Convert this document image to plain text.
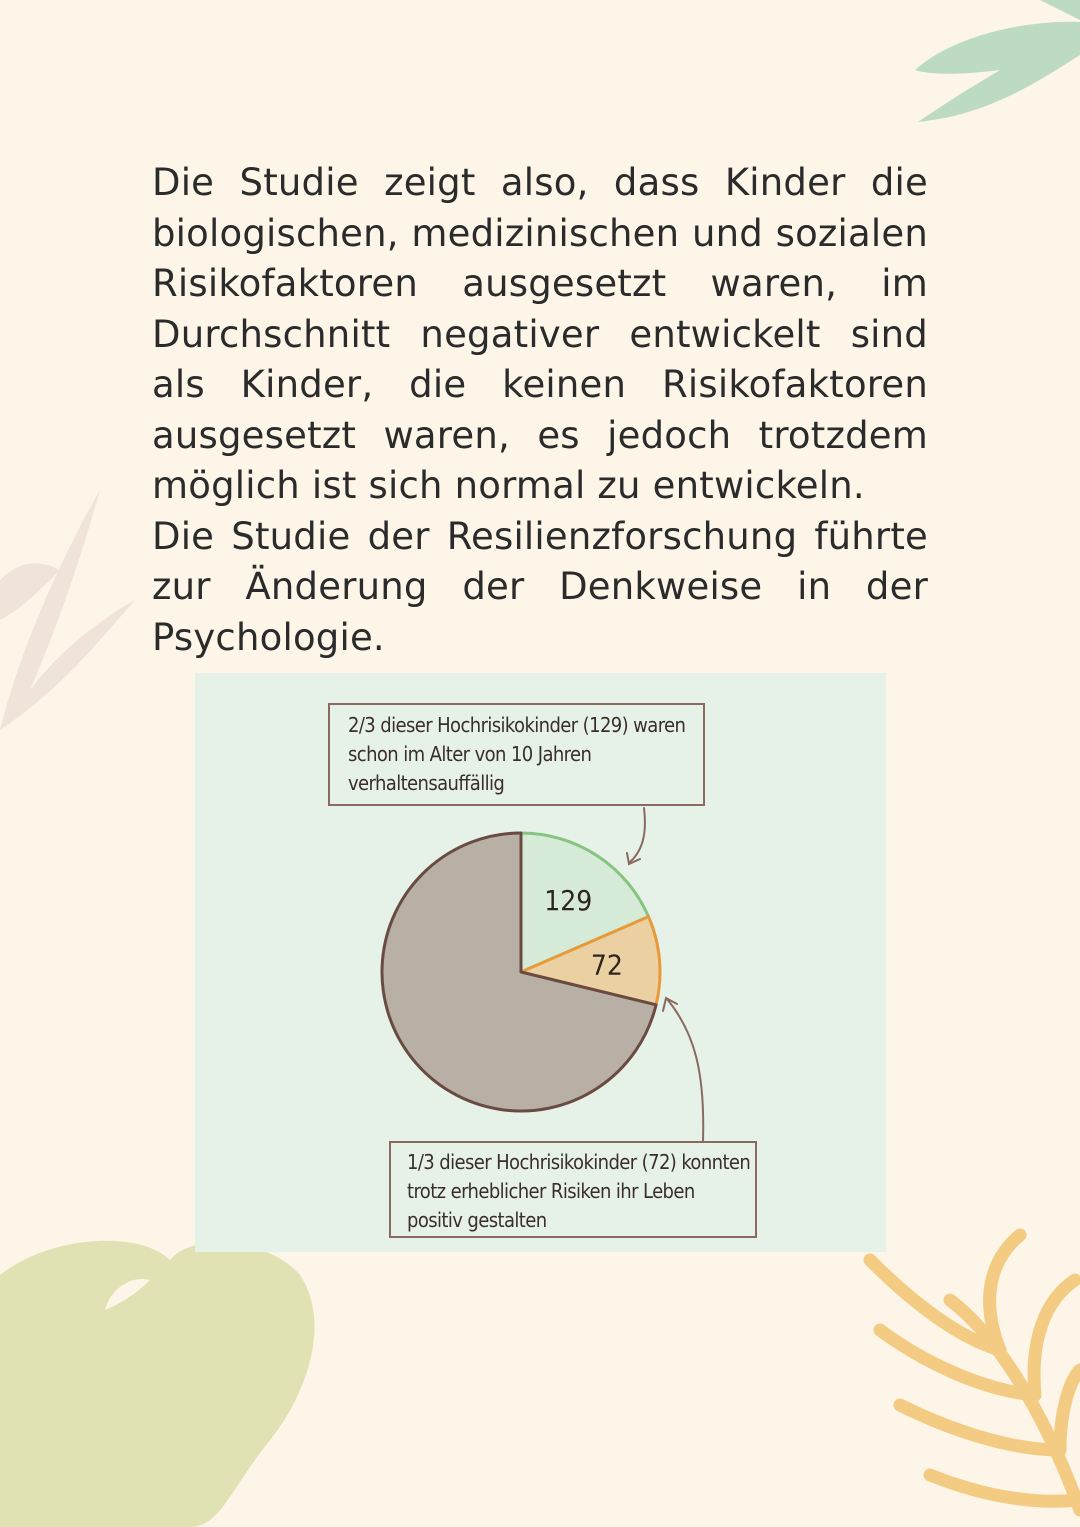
Die Studie zeigt also, dass Kinder die biologischen, medizinischen und sozialen Risikofaktoren ausgesetzt waren, im Durchschnitt negativer entwickelt sind als Kinder, die keinen Risikofaktoren ausgesetzt waren, es jedoch trotzdem möglich ist sich normal zu entwickeln.

Die Studie der Resilienzforschung führte zur Änderung der Denkweise in der Psychologie.

129
72
2/3 dieser Hochrisikokinder (129) waren
schon im Alter von 10 Jahren
verhaltensauffällig
1/3 dieser Hochrisikokinder (72) konnten
trotz erheblicher Risiken ihr Leben
positiv gestalten
